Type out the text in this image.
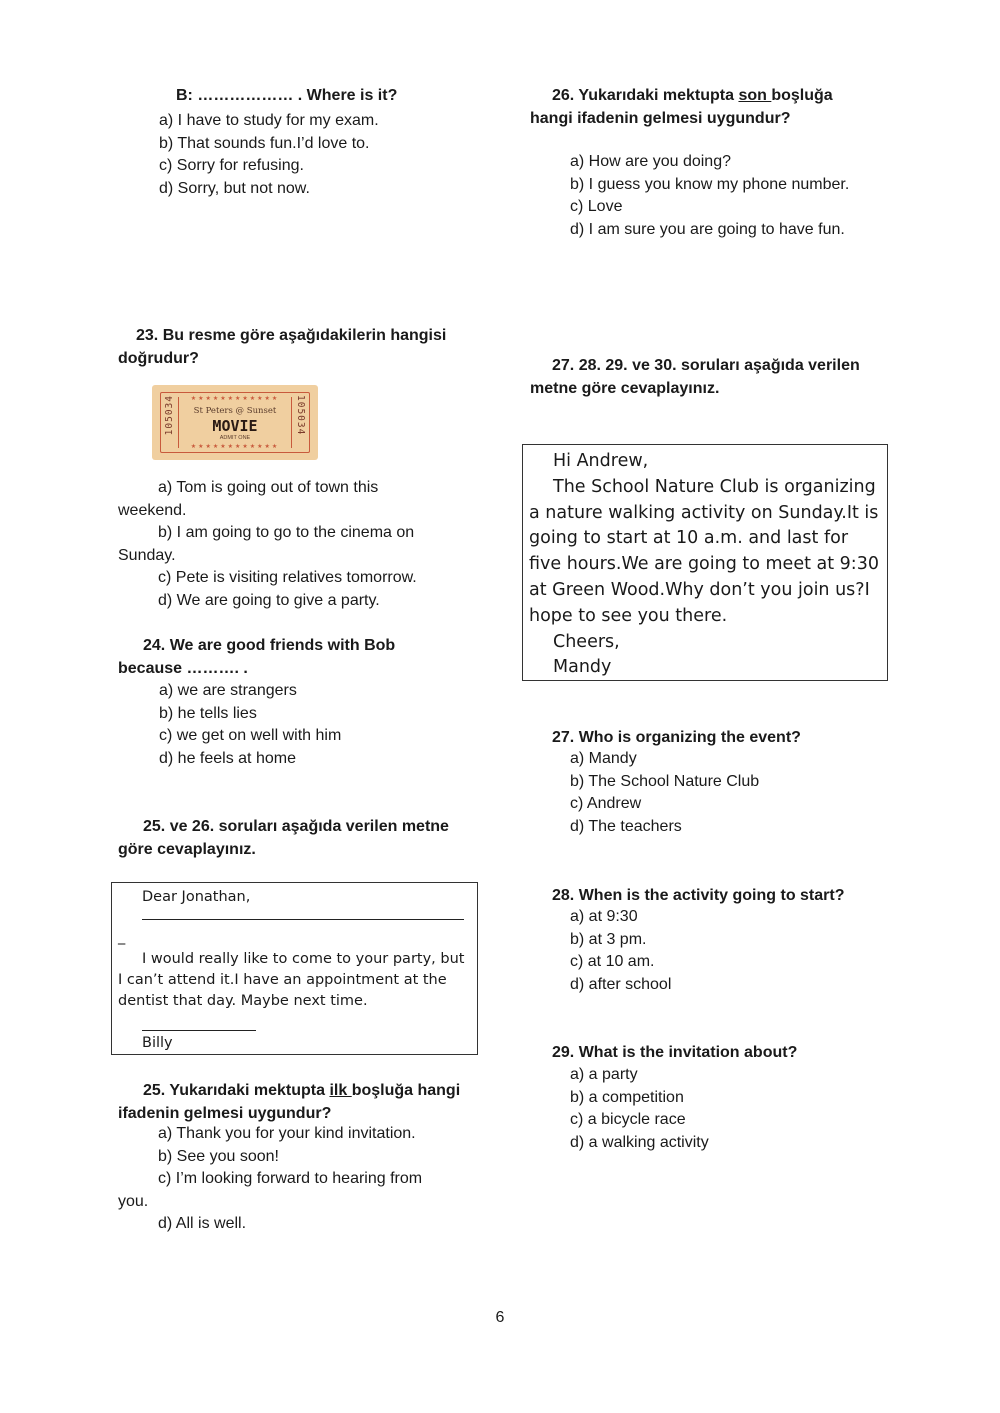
B: ……………… . Where is it?
a) I have to study for my exam.
b) That sounds fun.I’d love to.
c) Sorry for refusing.
d) Sorry, but not now.
23. Bu resme göre aşağıdakilerin hangisi
doğrudur?
105034	105034
★★★★★★★★★★★★
St Peters @ Sunset
MOVIE
ADMIT ONE
★★★★★★★★★★★★
a) Tom is going out of town this
weekend.
b) I am going to go to the cinema on
Sunday.
c) Pete is visiting relatives tomorrow.
d) We are going to give a party.
24. We are good friends with Bob
because ………. .
a) we are strangers
b) he tells lies
c) we get on well with him
d) he feels at home
25. ve 26. soruları aşağıda verilen metne
göre cevaplayınız.
Dear Jonathan,
_
I would really like to come to your party, but
I can’t attend it.I have an appointment at the
dentist that day. Maybe next time.
Billy
25. Yukarıdaki mektupta ilk boşluğa hangi
ifadenin gelmesi uygundur?
a) Thank you for your kind invitation.
b) See you soon!
c) I’m looking forward to hearing from
you.
d) All is well.
26. Yukarıdaki mektupta son boşluğa
hangi ifadenin gelmesi uygundur?
a) How are you doing?
b) I guess you know my phone number.
c) Love
d) I am sure you are going to have fun.
27. 28. 29. ve 30. soruları aşağıda verilen
metne göre cevaplayınız.
Hi Andrew,
The School Nature Club is organizing
a nature walking activity on Sunday.It is
going to start at 10 a.m. and last for
five hours.We are going to meet at 9:30
at Green Wood.Why don’t you join us?I
hope to see you there.
Cheers,
Mandy
27. Who is organizing the event?
a) Mandy
b) The School Nature Club
c) Andrew
d) The teachers
28. When is the activity going to start?
a) at 9:30
b) at 3 pm.
c) at 10 am.
d) after school
29. What is the invitation about?
a) a party
b) a competition
c) a bicycle race
d) a walking activity
6
